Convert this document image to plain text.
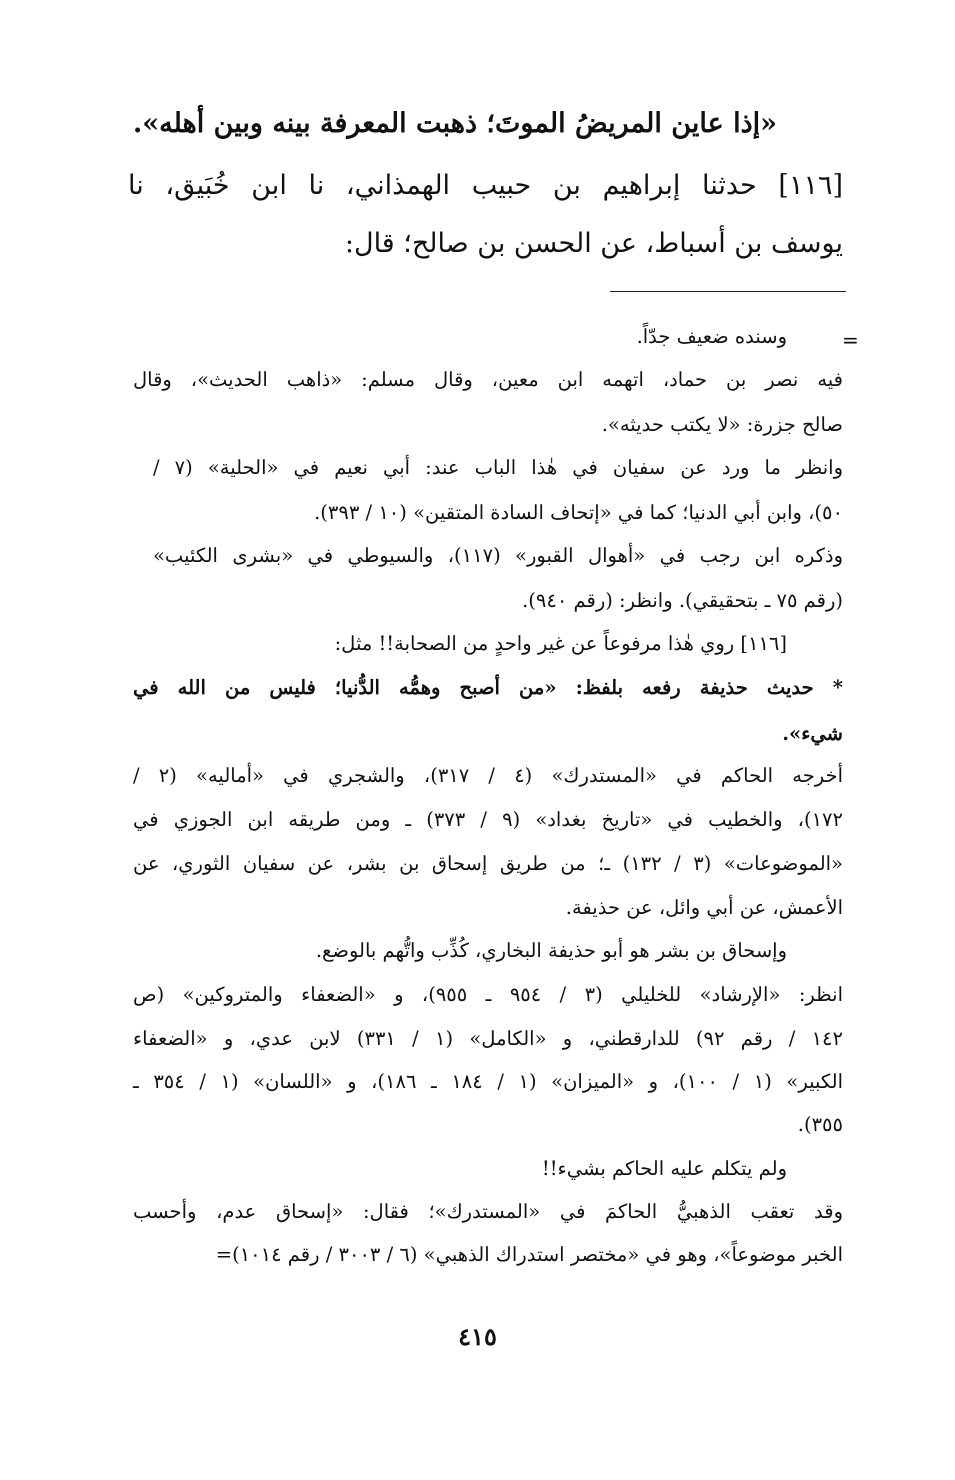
«إذا عاين المريضُ الموتَ؛ ذهبت المعرفة بينه وبين أهله».
[١١٦] حدثنا إبراهيم بن حبيب الهمذاني، نا ابن خُبَيق، نا
يوسف بن أسباط، عن الحسن بن صالح؛ قال:
=
وسنده ضعيف جدّاً.
فيه نصر بن حماد، اتهمه ابن معين، وقال مسلم: «ذاهب الحديث»، وقال
صالح جزرة: «لا يكتب حديثه».
وانظر ما ورد عن سفيان في هٰذا الباب عند: أبي نعيم في «الحلية» (٧ /
٥٠)، وابن أبي الدنيا؛ كما في «إتحاف السادة المتقين» (١٠ / ٣٩٣).
وذكره ابن رجب في «أهوال القبور» (١١٧)، والسيوطي في «بشرى الكئيب»
(رقم ٧٥ ـ بتحقيقي). وانظر: (رقم ٩٤٠).
[١١٦] روي هٰذا مرفوعاً عن غير واحدٍ من الصحابة!! مثل:
* حديث حذيفة رفعه بلفظ: «من أصبح وهمُّه الدُّنيا؛ فليس من الله في
شيء».
أخرجه الحاكم في «المستدرك» (٤ / ٣١٧)، والشجري في «أماليه» (٢ /
١٧٢)، والخطيب في «تاريخ بغداد» (٩ / ٣٧٣) ـ ومن طريقه ابن الجوزي في
«الموضوعات» (٣ / ١٣٢) ـ؛ من طريق إسحاق بن بشر، عن سفيان الثوري، عن
الأعمش، عن أبي وائل، عن حذيفة.
وإسحاق بن بشر هو أبو حذيفة البخاري، كُذِّب واتُّهم بالوضع.
انظر: «الإرشاد» للخليلي (٣ / ٩٥٤ ـ ٩٥٥)، و «الضعفاء والمتروكين» (ص
١٤٢ / رقم ٩٢) للدارقطني، و «الكامل» (١ / ٣٣١) لابن عدي، و «الضعفاء
الكبير» (١ / ١٠٠)، و «الميزان» (١ / ١٨٤ ـ ١٨٦)، و «اللسان» (١ / ٣٥٤ ـ
٣٥٥).
ولم يتكلم عليه الحاكم بشيء!!
وقد تعقب الذهبيُّ الحاكمَ في «المستدرك»؛ فقال: «إسحاق عدم، وأحسب
الخبر موضوعاً»، وهو في «مختصر استدراك الذهبي» (٦ / ٣٠٠٣ / رقم ١٠١٤)=
٤١٥
